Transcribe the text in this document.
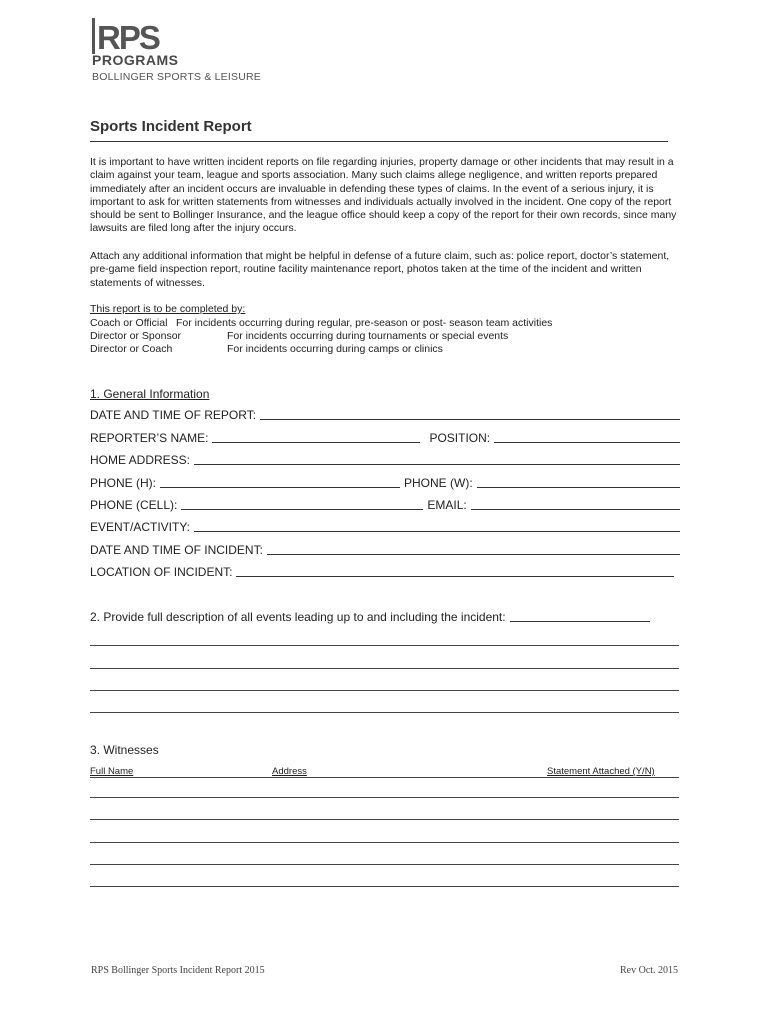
RPS
PROGRAMS
BOLLINGER SPORTS & LEISURE
Sports Incident Report
It is important to have written incident reports on file regarding injuries, property damage or other incidents that may result in a claim against your team, league and sports association. Many such claims allege negligence, and written reports prepared immediately after an incident occurs are invaluable in defending these types of claims. In the event of a serious injury, it is important to ask for written statements from witnesses and individuals actually involved in the incident. One copy of the report should be sent to Bollinger Insurance, and the league office should keep a copy of the report for their own records, since many lawsuits are filed long after the injury occurs.
Attach any additional information that might be helpful in defense of a future claim, such as: police report, doctor’s statement, pre-game field inspection report, routine facility maintenance report, photos taken at the time of the incident and written statements of witnesses.
This report is to be completed by:
Coach or Official For incidents occurring during regular, pre-season or post- season team activities
Director or Sponsor	For incidents occurring during tournaments or special events
Director or Coach	For incidents occurring during camps or clinics
1. General Information
DATE AND TIME OF REPORT:
REPORTER’S NAME:	POSITION:
HOME ADDRESS:
PHONE (H):	PHONE (W):
PHONE (CELL):	EMAIL:
EVENT/ACTIVITY:
DATE AND TIME OF INCIDENT:
LOCATION OF INCIDENT:
2. Provide full description of all events leading up to and including the incident:
3. Witnesses
Full Name	Address	Statement Attached (Y/N)
RPS Bollinger Sports Incident Report 2015	Rev Oct. 2015
